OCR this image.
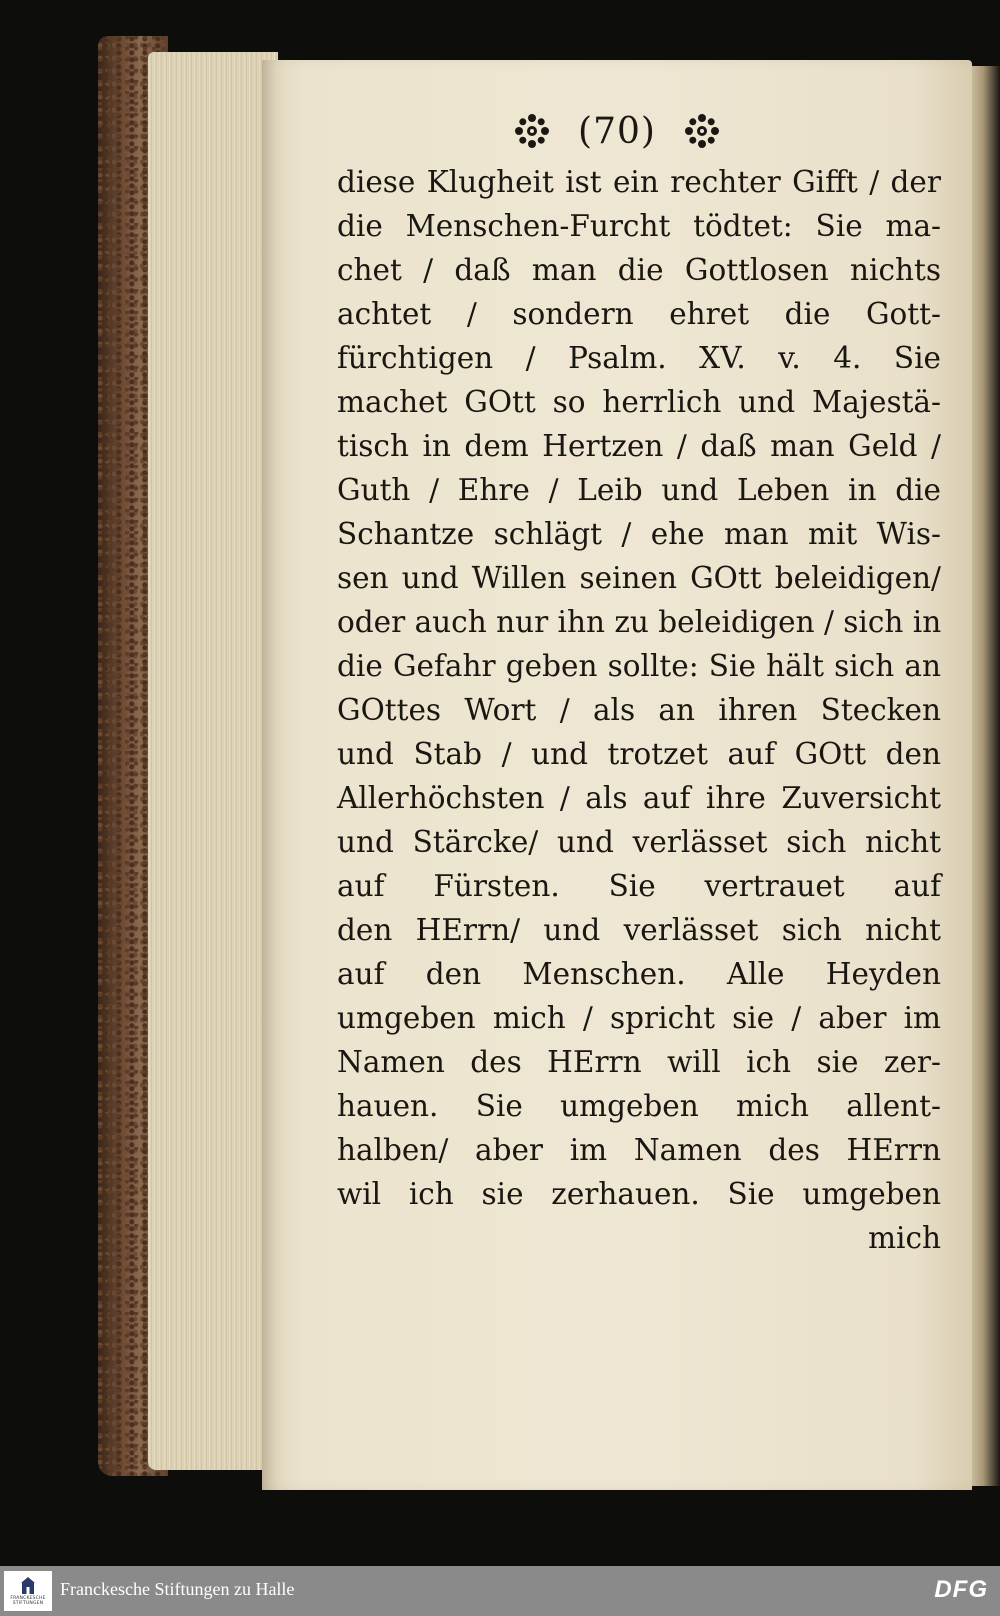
(70)
diese Klugheit ist ein rechter Gifft / der
die Menschen-Furcht tödtet: Sie ma-
chet / daß man die Gottlosen nichts
achtet / sondern ehret die Gott-
fürchtigen / Psalm. XV. v. 4. Sie
machet GOtt so herrlich und Majestä-
tisch in dem Hertzen / daß man Geld /
Guth / Ehre / Leib und Leben in die
Schantze schlägt / ehe man mit Wis-
sen und Willen seinen GOtt beleidigen/
oder auch nur ihn zu beleidigen / sich in
die Gefahr geben sollte: Sie hält sich an
GOttes Wort / als an ihren Stecken
und Stab / und trotzet auf GOtt den
Allerhöchsten / als auf ihre Zuversicht
und Stärcke/ und verlässet sich nicht
auf Fürsten. Sie vertrauet auf
den HErrn/ und verlässet sich nicht
auf den Menschen. Alle Heyden
umgeben mich / spricht sie / aber im
Namen des HErrn will ich sie zer-
hauen. Sie umgeben mich allent-
halben/ aber im Namen des HErrn
wil ich sie zerhauen. Sie umgeben
mich
FRANCKESCHE
STIFTUNGEN
Franckesche Stiftungen zu Halle	DFG
